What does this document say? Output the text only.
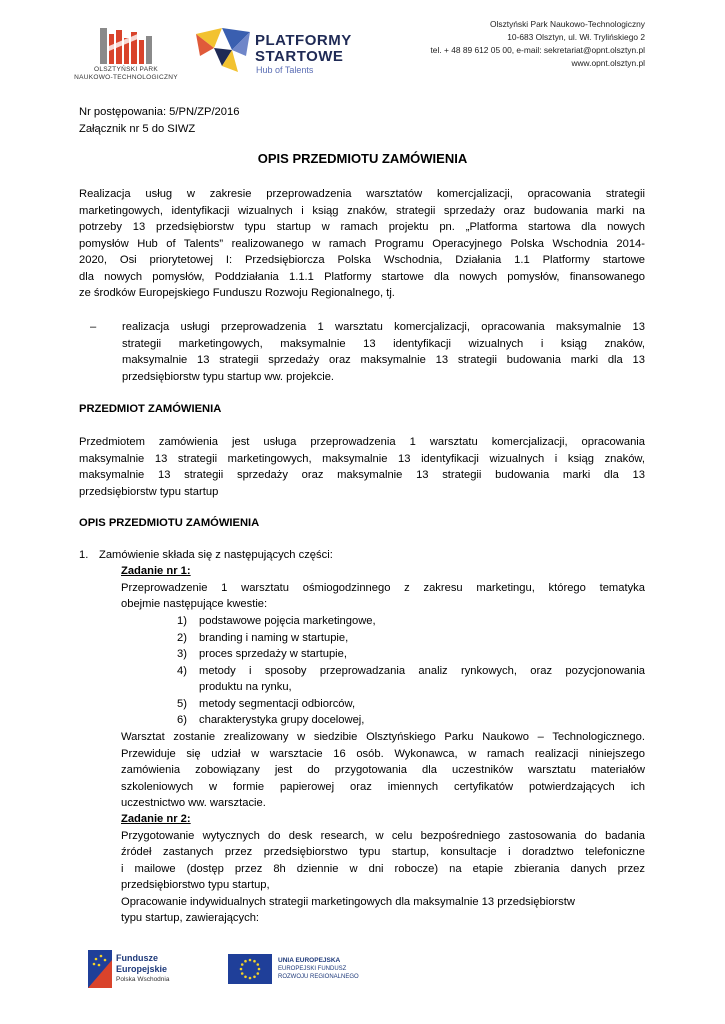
OLSZTYŃSKI PARK
NAUKOWO-TECHNOLOGICZNY
PLATFORMY
STARTOWE
Hub of Talents
Olsztyński Park Naukowo-Technologiczny
10-683 Olsztyn, ul. Wł. Trylińskiego 2
tel. + 48 89 612 05 00, e-mail: sekretariat@opnt.olsztyn.pl
www.opnt.olsztyn.pl
Nr postępowania: 5/PN/ZP/2016
Załącznik nr 5 do SIWZ
OPIS PRZEDMIOTU ZAMÓWIENIA
Realizacja usług w zakresie przeprowadzenia warsztatów komercjalizacji, opracowania strategii
marketingowych, identyfikacji wizualnych i ksiąg znaków, strategii sprzedaży oraz budowania marki na
potrzeby 13 przedsiębiorstw typu startup w ramach projektu pn. „Platforma startowa dla nowych
pomysłów Hub of Talents” realizowanego w ramach Programu Operacyjnego Polska Wschodnia 2014-
2020, Osi priorytetowej I: Przedsiębiorcza Polska Wschodnia, Działania 1.1 Platformy startowe
dla nowych pomysłów, Poddziałania 1.1.1 Platformy startowe dla nowych pomysłów, finansowanego
ze środków Europejskiego Funduszu Rozwoju Regionalnego, tj.
– realizacja usługi przeprowadzenia 1 warsztatu komercjalizacji, opracowania maksymalnie 13
strategii marketingowych, maksymalnie 13 identyfikacji wizualnych i ksiąg znaków,
maksymalnie 13 strategii sprzedaży oraz maksymalnie 13 strategii budowania marki dla 13
przedsiębiorstw typu startup ww. projekcie.
PRZEDMIOT ZAMÓWIENIA
Przedmiotem zamówienia jest usługa przeprowadzenia 1 warsztatu komercjalizacji, opracowania
maksymalnie 13 strategii marketingowych, maksymalnie 13 identyfikacji wizualnych i ksiąg znaków,
maksymalnie 13 strategii sprzedaży oraz maksymalnie 13 strategii budowania marki dla 13
przedsiębiorstw typu startup
OPIS PRZEDMIOTU ZAMÓWIENIA
1. Zamówienie składa się z następujących części:
Zadanie nr 1:
Przeprowadzenie 1 warsztatu ośmiogodzinnego z zakresu marketingu, którego tematyka
obejmie następujące kwestie:
1) podstawowe pojęcia marketingowe,
2) branding i naming w startupie,
3) proces sprzedaży w startupie,
4) metody i sposoby przeprowadzania analiz rynkowych, oraz pozycjonowania
produktu na rynku,
5) metody segmentacji odbiorców,
6) charakterystyka grupy docelowej,
Warsztat zostanie zrealizowany w siedzibie Olsztyńskiego Parku Naukowo – Technologicznego.
Przewiduje się udział w warsztacie 16 osób. Wykonawca, w ramach realizacji niniejszego
zamówienia zobowiązany jest do przygotowania dla uczestników warsztatu materiałów
szkoleniowych w formie papierowej oraz imiennych certyfikatów potwierdzających ich
uczestnictwo ww. warsztacie.
Zadanie nr 2:
Przygotowanie wytycznych do desk research, w celu bezpośredniego zastosowania do badania
źródeł zastanych przez przedsiębiorstwo typu startup, konsultacje i doradztwo telefoniczne
i mailowe (dostęp przez 8h dziennie w dni robocze) na etapie zbierania danych przez
przedsiębiorstwo typu startup,
Opracowanie indywidualnych strategii marketingowych dla maksymalnie 13 przedsiębiorstw
typu startup, zawierających:
Fundusze
Europejskie
Polska Wschodnia
UNIA EUROPEJSKA
EUROPEJSKI FUNDUSZ
ROZWOJU REGIONALNEGO
